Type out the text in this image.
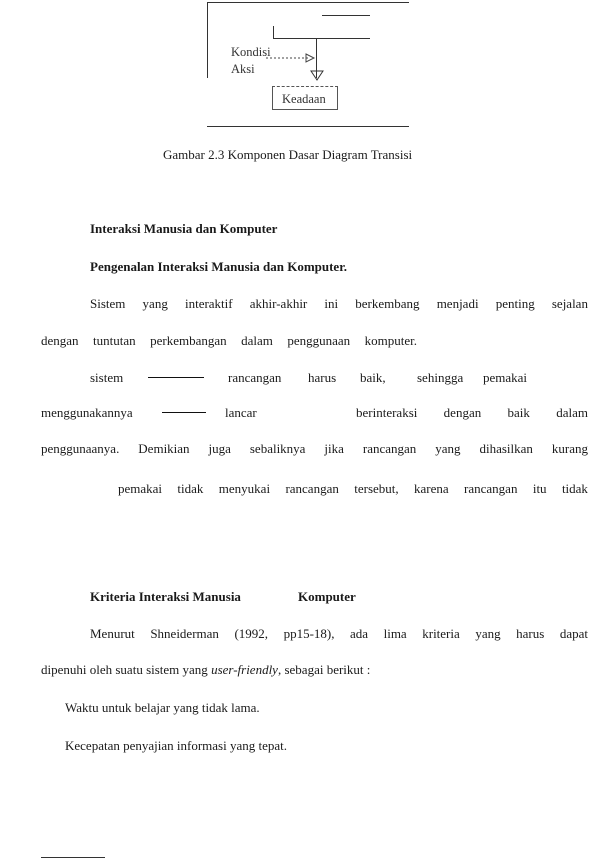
Kondisi
Aksi
Keadaan
Gambar 2.3 Komponen Dasar Diagram Transisi
Interaksi Manusia dan Komputer
Pengenalan Interaksi Manusia dan Komputer.
Sistem yang interaktif akhir-akhir ini berkembang menjadi penting sejalan
dengan tuntutan perkembangan dalam penggunaan komputer.
sistem	rancangan harus baik, sehingga pemakai
menggunakannya	lancar	berinteraksi dengan baik dalam
penggunaanya. Demikian juga sebaliknya jika rancangan yang dihasilkan kurang
pemakai tidak menyukai rancangan tersebut, karena rancangan itu tidak
Kriteria Interaksi Manusia	Komputer
Menurut Shneiderman (1992, pp15-18), ada lima kriteria yang harus dapat
dipenuhi oleh suatu sistem yang user-friendly, sebagai berikut :
Waktu untuk belajar yang tidak lama.
Kecepatan penyajian informasi yang tepat.
